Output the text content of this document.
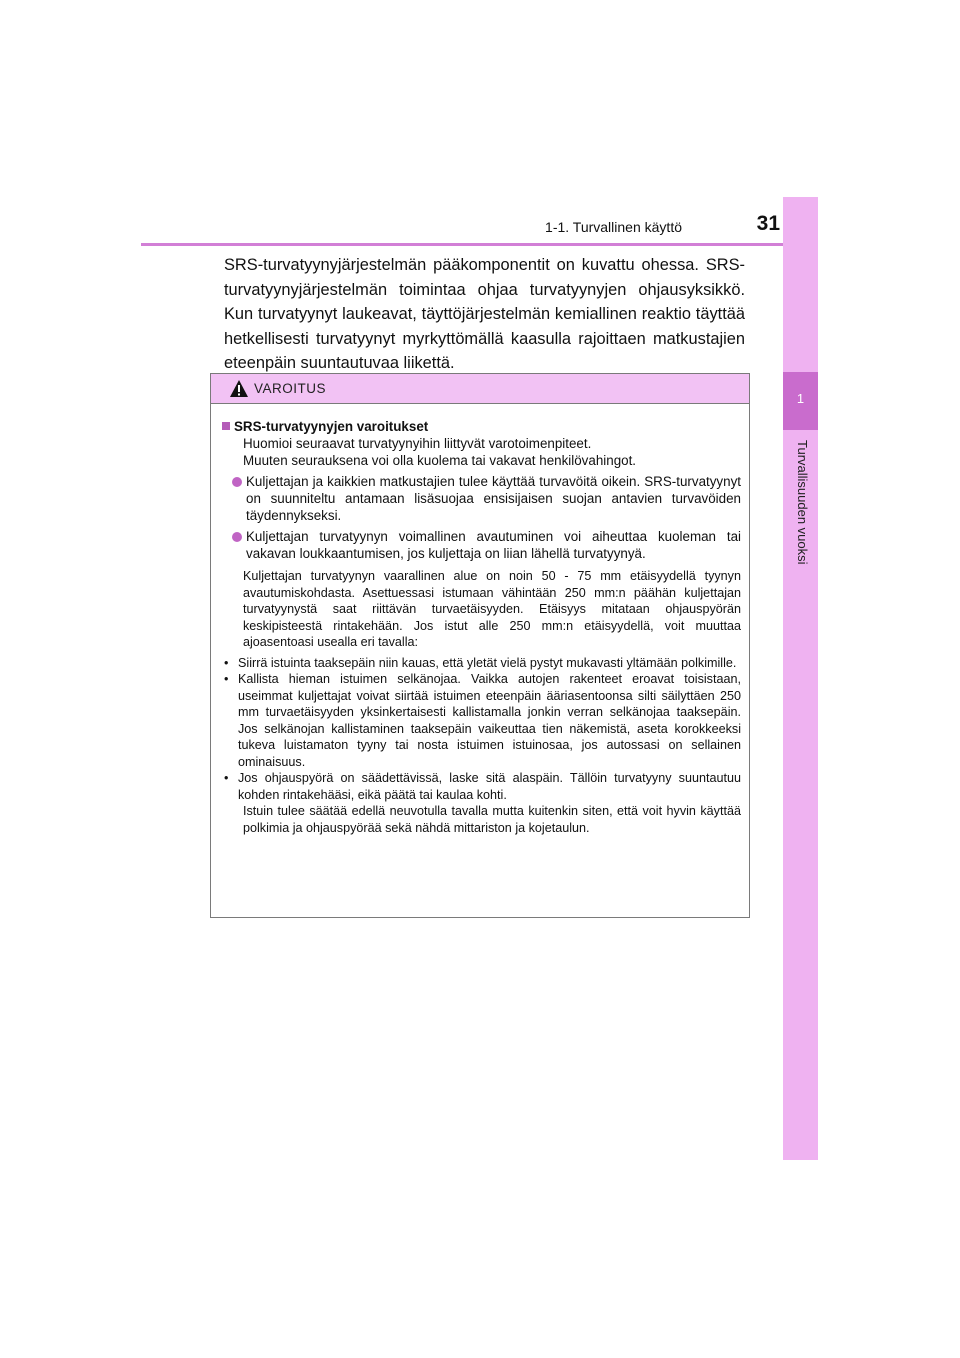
1-1. Turvallinen käyttö	31
1
Turvallisuuden vuoksi

SRS-turvatyynyjärjestelmän pääkomponentit on kuvattu ohessa. SRS-turvatyynyjärjestelmän toimintaa ohjaa turvatyynyjen ohjausyksikkö. Kun turvatyynyt laukeavat, täyttöjärjestelmän kemiallinen reaktio täyttää hetkellisesti turvatyynyt myrkyttömällä kaasulla rajoittaen matkustajien eteenpäin suuntautuvaa liikettä.

VAROITUS
SRS-turvatyynyjen varoitukset
Huomioi seuraavat turvatyynyihin liittyvät varotoimenpiteet.
Muuten seurauksena voi olla kuolema tai vakavat henkilövahingot.
Kuljettajan ja kaikkien matkustajien tulee käyttää turvavöitä oikein. SRS-turvatyynyt on suunniteltu antamaan lisäsuojaa ensisijaisen suojan antavien turvavöiden täydennykseksi.
Kuljettajan turvatyynyn voimallinen avautuminen voi aiheuttaa kuoleman tai vakavan loukkaantumisen, jos kuljettaja on liian lähellä turvatyynyä.
Kuljettajan turvatyynyn vaarallinen alue on noin 50 - 75 mm etäisyydellä tyynyn avautumiskohdasta. Asettuessasi istumaan vähintään 250 mm:n päähän kuljettajan turvatyynystä saat riittävän turvaetäisyyden. Etäisyys mitataan ohjauspyörän keskipisteestä rintakehään. Jos istut alle 250 mm:n etäisyydellä, voit muuttaa ajoasentoasi usealla eri tavalla:
• Siirrä istuinta taaksepäin niin kauas, että yletät vielä pystyt mukavasti yltämään polkimille.
• Kallista hieman istuimen selkänojaa. Vaikka autojen rakenteet eroavat toisistaan, useimmat kuljettajat voivat siirtää istuimen eteenpäin ääriasentoonsa silti säilyttäen 250 mm turvaetäisyyden yksinkertaisesti kallistamalla jonkin verran selkänojaa taaksepäin. Jos selkänojan kallistaminen taaksepäin vaikeuttaa tien näkemistä, aseta korokkeeksi tukeva luistamaton tyyny tai nosta istuimen istuinosaa, jos autossasi on sellainen ominaisuus.
• Jos ohjauspyörä on säädettävissä, laske sitä alaspäin. Tällöin turvatyyny suuntautuu kohden rintakehääsi, eikä päätä tai kaulaa kohti.
Istuin tulee säätää edellä neuvotulla tavalla mutta kuitenkin siten, että voit hyvin käyttää polkimia ja ohjauspyörää sekä nähdä mittariston ja kojetaulun.
